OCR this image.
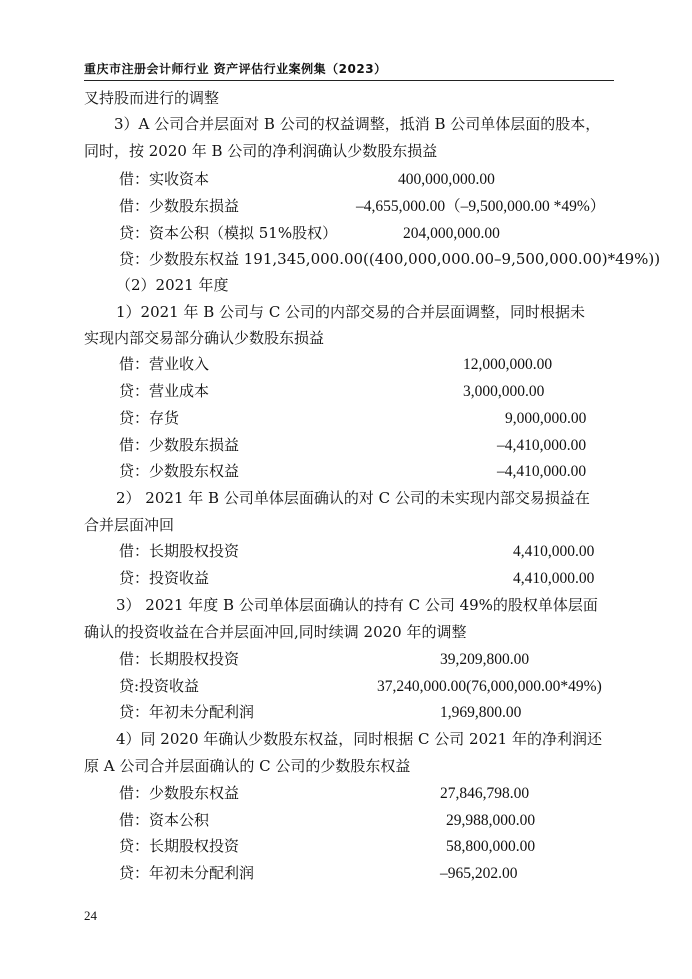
重庆市注册会计师行业 资产评估行业案例集（2023）
叉持股而进行的调整
3）A 公司合并层面对 B 公司的权益调整，抵消 B 公司单体层面的股本，
同时，按 2020 年 B 公司的净利润确认少数股东损益
借：实收资本	400,000,000.00
借：少数股东损益	–4,655,000.00（–9,500,000.00 *49%）
贷：资本公积（模拟 51%股权）	204,000,000.00
贷：少数股东权益 191,345,000.00((400,000,000.00–9,500,000.00)*49%))
（2）2021 年度
1）2021 年 B 公司与 C 公司的内部交易的合并层面调整，同时根据未
实现内部交易部分确认少数股东损益
借：营业收入	12,000,000.00
贷：营业成本	3,000,000.00
贷：存货	9,000,000.00
借：少数股东损益	–4,410,000.00
贷：少数股东权益	–4,410,000.00
2） 2021 年 B 公司单体层面确认的对 C 公司的未实现内部交易损益在
合并层面冲回
借：长期股权投资	4,410,000.00
贷：投资收益	4,410,000.00
3） 2021 年度 B 公司单体层面确认的持有 C 公司 49%的股权单体层面
确认的投资收益在合并层面冲回,同时续调 2020 年的调整
借：长期股权投资	39,209,800.00
贷:投资收益	37,240,000.00(76,000,000.00*49%)
贷：年初未分配利润	1,969,800.00
4）同 2020 年确认少数股东权益，同时根据 C 公司 2021 年的净利润还
原 A 公司合并层面确认的 C 公司的少数股东权益
借：少数股东权益	27,846,798.00
借：资本公积	29,988,000.00
贷：长期股权投资	58,800,000.00
贷：年初未分配利润	–965,202.00
24
